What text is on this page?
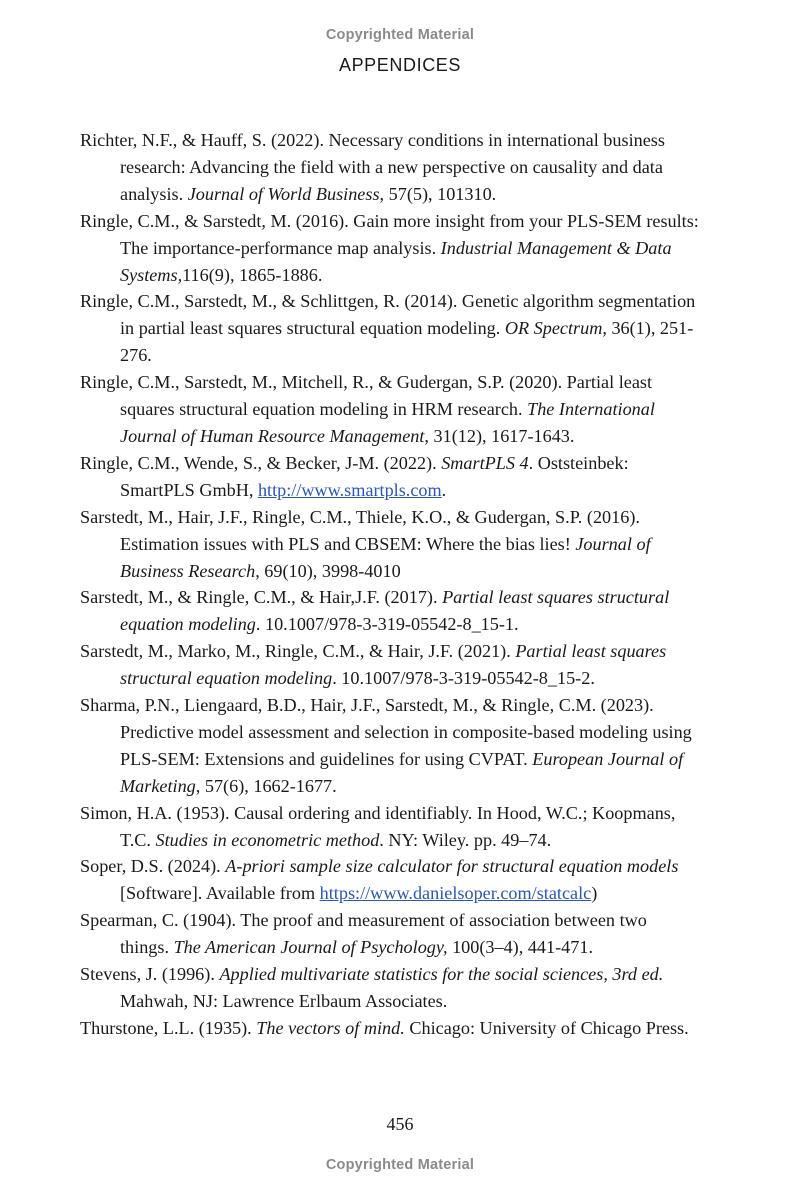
Copyrighted Material
APPENDICES
Richter, N.F., & Hauff, S. (2022). Necessary conditions in international business research: Advancing the field with a new perspective on causality and data analysis. Journal of World Business, 57(5), 101310.
Ringle, C.M., & Sarstedt, M. (2016). Gain more insight from your PLS-SEM results: The importance-performance map analysis. Industrial Management & Data Systems,116(9), 1865-1886.
Ringle, C.M., Sarstedt, M., & Schlittgen, R. (2014). Genetic algorithm segmentation in partial least squares structural equation modeling. OR Spectrum, 36(1), 251-276.
Ringle, C.M., Sarstedt, M., Mitchell, R., & Gudergan, S.P. (2020). Partial least squares structural equation modeling in HRM research. The International Journal of Human Resource Management, 31(12), 1617-1643.
Ringle, C.M., Wende, S., & Becker, J-M. (2022). SmartPLS 4. Oststeinbek: SmartPLS GmbH, http://www.smartpls.com.
Sarstedt, M., Hair, J.F., Ringle, C.M., Thiele, K.O., & Gudergan, S.P. (2016). Estimation issues with PLS and CBSEM: Where the bias lies! Journal of Business Research, 69(10), 3998-4010
Sarstedt, M., & Ringle, C.M., & Hair,J.F. (2017). Partial least squares structural equation modeling. 10.1007/978-3-319-05542-8_15-1.
Sarstedt, M., Marko, M., Ringle, C.M., & Hair, J.F. (2021). Partial least squares structural equation modeling. 10.1007/978-3-319-05542-8_15-2.
Sharma, P.N., Liengaard, B.D., Hair, J.F., Sarstedt, M., & Ringle, C.M. (2023). Predictive model assessment and selection in composite-based modeling using PLS-SEM: Extensions and guidelines for using CVPAT. European Journal of Marketing, 57(6), 1662-1677.
Simon, H.A. (1953). Causal ordering and identifiably. In Hood, W.C.; Koopmans, T.C. Studies in econometric method. NY: Wiley. pp. 49–74.
Soper, D.S. (2024). A-priori sample size calculator for structural equation models [Software]. Available from https://www.danielsoper.com/statcalc)
Spearman, C. (1904). The proof and measurement of association between two things. The American Journal of Psychology, 100(3–4), 441-471.
Stevens, J. (1996). Applied multivariate statistics for the social sciences, 3rd ed. Mahwah, NJ: Lawrence Erlbaum Associates.
Thurstone, L.L. (1935). The vectors of mind. Chicago: University of Chicago Press.
456
Copyrighted Material
